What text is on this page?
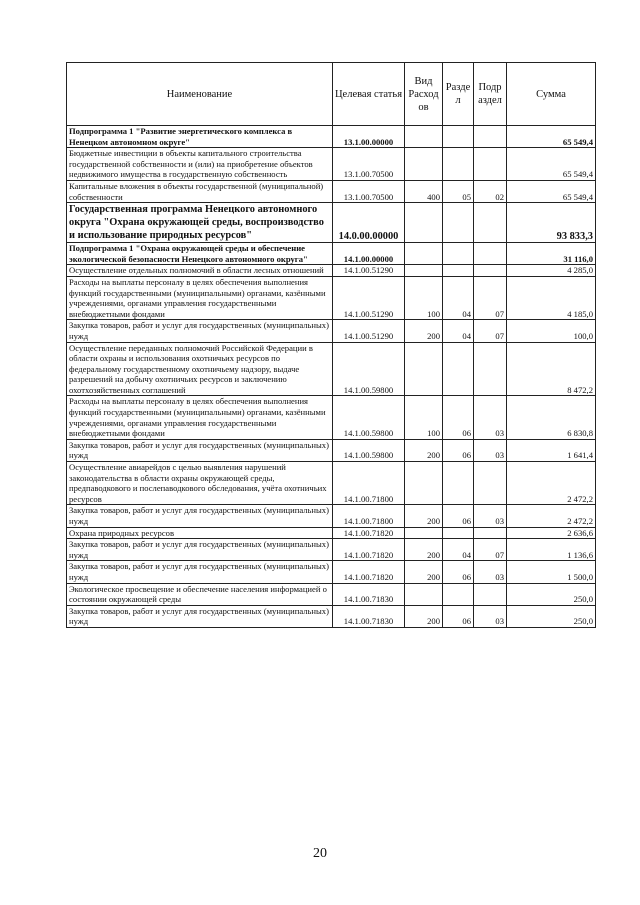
Наименование	Целевая статья	Вид Расход ов	Разде л	Подр аздел	Сумма
Подпрограмма 1 "Развитие энергетического комплекса в Ненецком автономном округе"	13.1.00.00000				65 549,4
Бюджетные инвестиции в объекты капитального строительства государственной собственности и (или) на приобретение объектов недвижимого имущества в государственную собственность	13.1.00.70500				65 549,4
Капитальные вложения в объекты государственной (муниципальной) собственности	13.1.00.70500	400	05	02	65 549,4
Государственная программа Ненецкого автономного округа "Охрана окружающей среды, воспроизводство и использование природных ресурсов"	14.0.00.00000				93 833,3
Подпрограмма 1 "Охрана окружающей среды и обеспечение экологической безопасности Ненецкого автономного округа"	14.1.00.00000				31 116,0
Осуществление отдельных полномочий в области лесных отношений	14.1.00.51290				4 285,0
Расходы на выплаты персоналу в целях обеспечения выполнения функций государственными (муниципальными) органами, казёнными учреждениями, органами управления государственными внебюджетными фондами	14.1.00.51290	100	04	07	4 185,0
Закупка товаров, работ и услуг для государственных (муниципальных) нужд	14.1.00.51290	200	04	07	100,0
Осуществление переданных полномочий Российской Федерации в области охраны и использования охотничьих ресурсов по федеральному государственному охотничьему надзору, выдаче разрешений на добычу охотничьих ресурсов и заключению охотхозяйственных соглашений	14.1.00.59800				8 472,2
Расходы на выплаты персоналу в целях обеспечения выполнения функций государственными (муниципальными) органами, казёнными учреждениями, органами управления государственными внебюджетными фондами	14.1.00.59800	100	06	03	6 830,8
Закупка товаров, работ и услуг для государственных (муниципальных) нужд	14.1.00.59800	200	06	03	1 641,4
Осуществление авиарейдов с целью выявления нарушений законодательства в области охраны окружающей среды, предпаводкового и послепаводкового обследования, учёта охотничьих ресурсов	14.1.00.71800				2 472,2
Закупка товаров, работ и услуг для государственных (муниципальных) нужд	14.1.00.71800	200	06	03	2 472,2
Охрана природных ресурсов	14.1.00.71820				2 636,6
Закупка товаров, работ и услуг для государственных (муниципальных) нужд	14.1.00.71820	200	04	07	1 136,6
Закупка товаров, работ и услуг для государственных (муниципальных) нужд	14.1.00.71820	200	06	03	1 500,0
Экологическое просвещение и обеспечение населения информацией о состоянии окружающей среды	14.1.00.71830				250,0
Закупка товаров, работ и услуг для государственных (муниципальных) нужд	14.1.00.71830	200	06	03	250,0
20
